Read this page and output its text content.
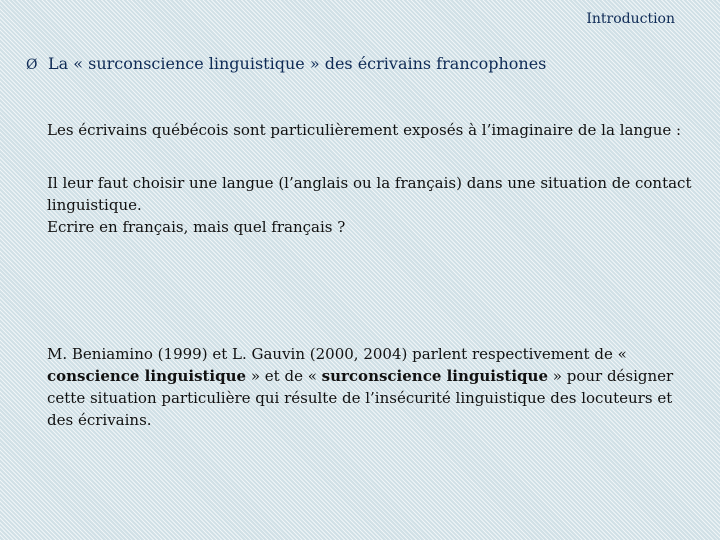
Introduction
Ø La « surconscience linguistique » des écrivains francophones

Les écrivains québécois sont particulièrement exposés à l’imaginaire de la langue :

Il leur faut choisir une langue (l’anglais ou la français) dans une situation de contact linguistique.

Ecrire en français, mais quel français ?

M. Beniamino (1999) et L. Gauvin (2000, 2004) parlent respectivement de « conscience linguistique » et de « surconscience linguistique » pour désigner cette situation particulière qui résulte de l’insécurité linguistique des locuteurs et des écrivains.
